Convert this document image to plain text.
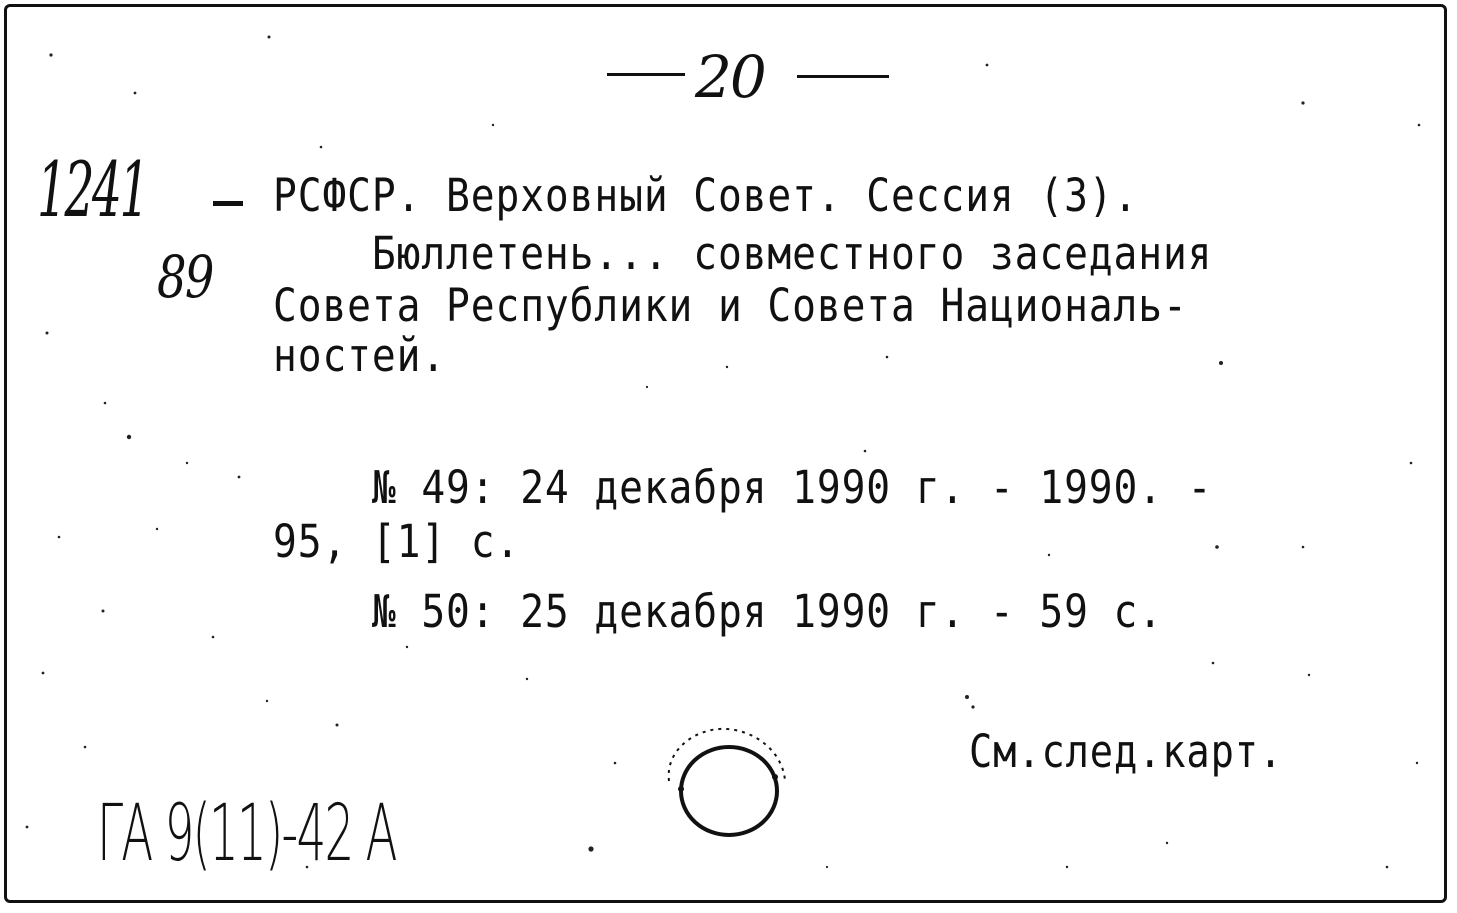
20
1241
89
РСФСР. Верховный Совет. Сессия (3).
Бюллетень... совместного заседания
Совета Республики и Совета Националь-
ностей.
№ 49: 24 декабря 1990 г. - 1990. -
95, [1] с.
№ 50: 25 декабря 1990 г. - 59 с.
См.след.карт.
ГА 9(11)-42 А
